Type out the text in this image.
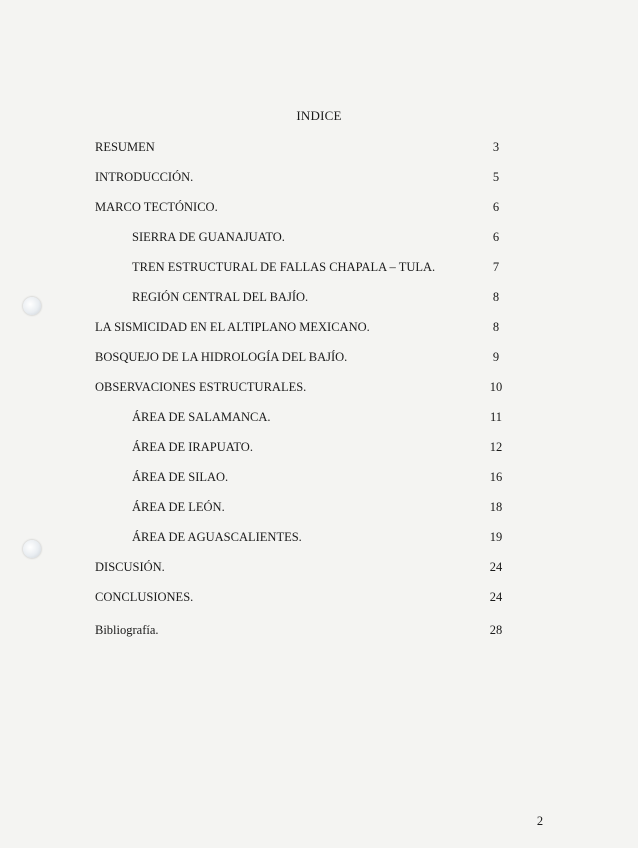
INDICE
RESUMEN	3
INTRODUCCIÓN.	5
MARCO TECTÓNICO.	6
SIERRA DE GUANAJUATO.	6
TREN ESTRUCTURAL DE FALLAS CHAPALA – TULA.	7
REGIÓN CENTRAL DEL BAJÍO.	8
LA SISMICIDAD EN EL ALTIPLANO MEXICANO.	8
BOSQUEJO DE LA HIDROLOGÍA DEL BAJÍO.	9
OBSERVACIONES ESTRUCTURALES.	10
ÁREA DE SALAMANCA.	11
ÁREA DE IRAPUATO.	12
ÁREA DE SILAO.	16
ÁREA DE LEÓN.	18
ÁREA DE AGUASCALIENTES.	19
DISCUSIÓN.	24
CONCLUSIONES.	24
Bibliografía.	28
2
